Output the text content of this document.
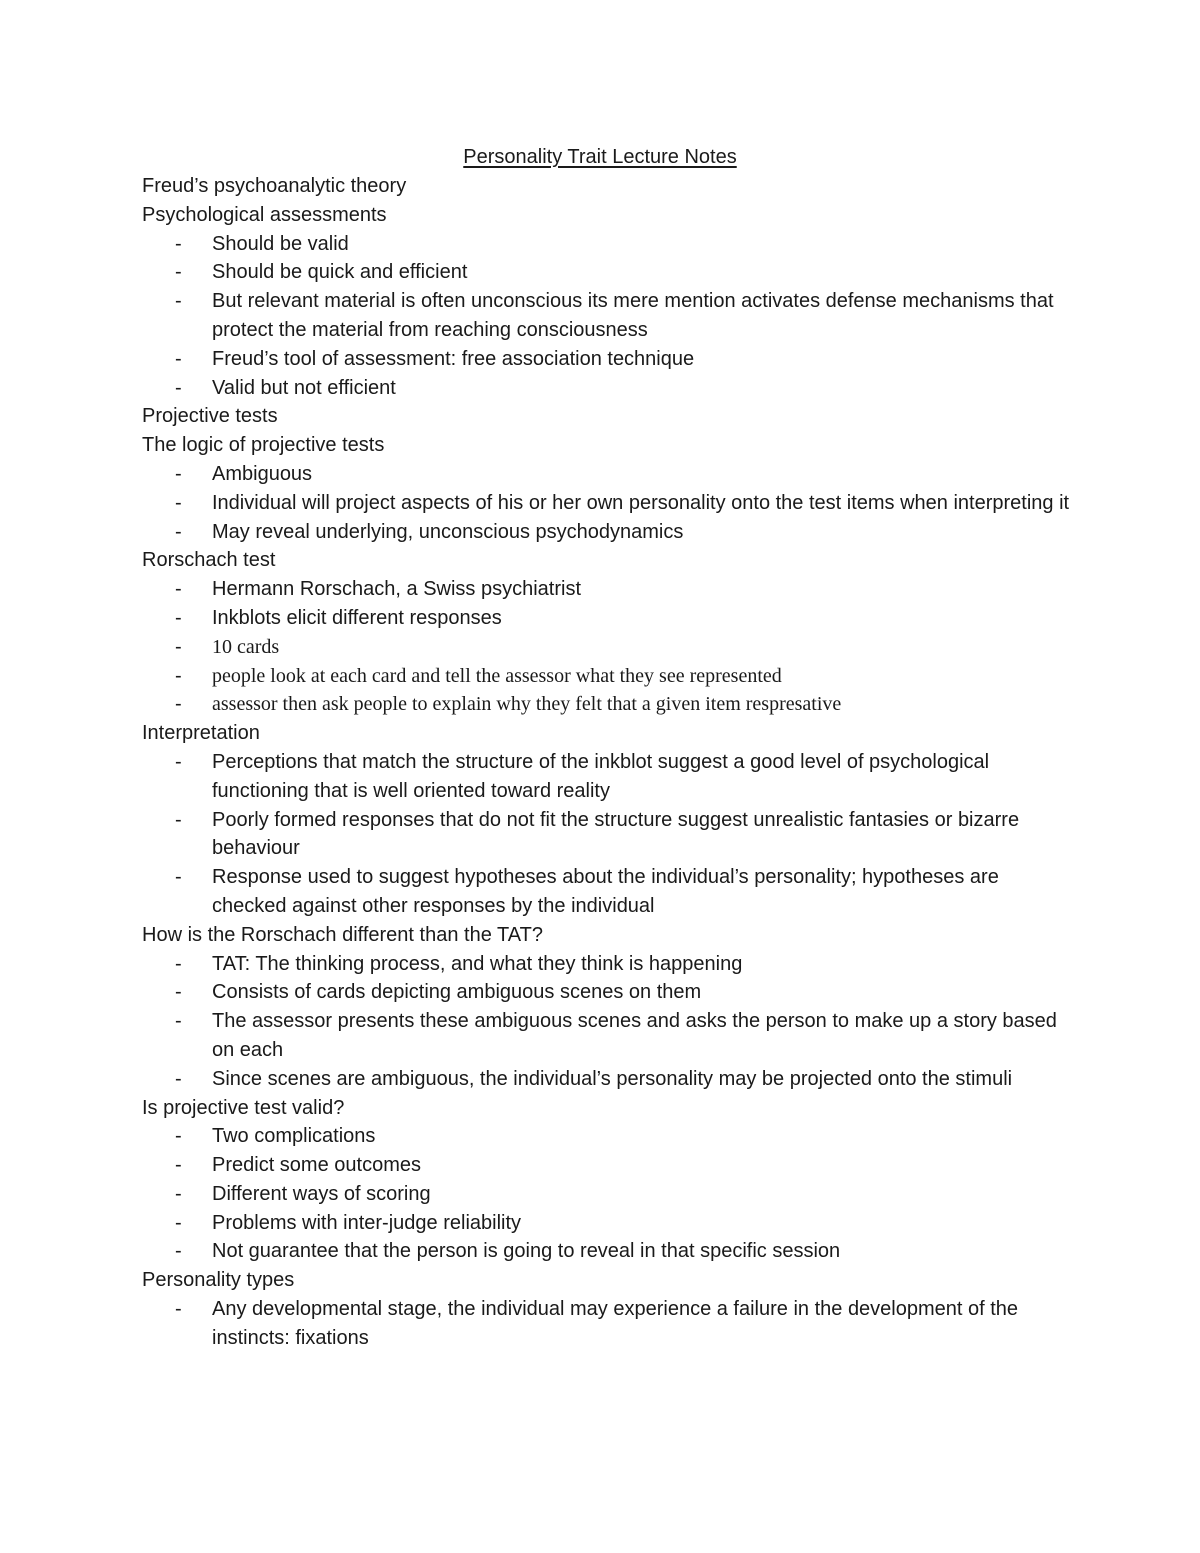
Personality Trait Lecture Notes
Freud’s psychoanalytic theory
Psychological assessments
- Should be valid
- Should be quick and efficient
- But relevant material is often unconscious its mere mention activates defense mechanisms that protect the material from reaching consciousness
- Freud’s tool of assessment: free association technique
- Valid but not efficient
Projective tests
The logic of projective tests
- Ambiguous
- Individual will project aspects of his or her own personality onto the test items when interpreting it
- May reveal underlying, unconscious psychodynamics
Rorschach test
- Hermann Rorschach, a Swiss psychiatrist
- Inkblots elicit different responses
- 10 cards
- people look at each card and tell the assessor what they see represented
- assessor then ask people to explain why they felt that a given item respresative
Interpretation
- Perceptions that match the structure of the inkblot suggest a good level of psychological functioning that is well oriented toward reality
- Poorly formed responses that do not fit the structure suggest unrealistic fantasies or bizarre behaviour
- Response used to suggest hypotheses about the individual’s personality; hypotheses are checked against other responses by the individual
How is the Rorschach different than the TAT?
- TAT: The thinking process, and what they think is happening
- Consists of cards depicting ambiguous scenes on them
- The assessor presents these ambiguous scenes and asks the person to make up a story based on each
- Since scenes are ambiguous, the individual’s personality may be projected onto the stimuli
Is projective test valid?
- Two complications
- Predict some outcomes
- Different ways of scoring
- Problems with inter-judge reliability
- Not guarantee that the person is going to reveal in that specific session
Personality types
- Any developmental stage, the individual may experience a failure in the development of the instincts: fixations
